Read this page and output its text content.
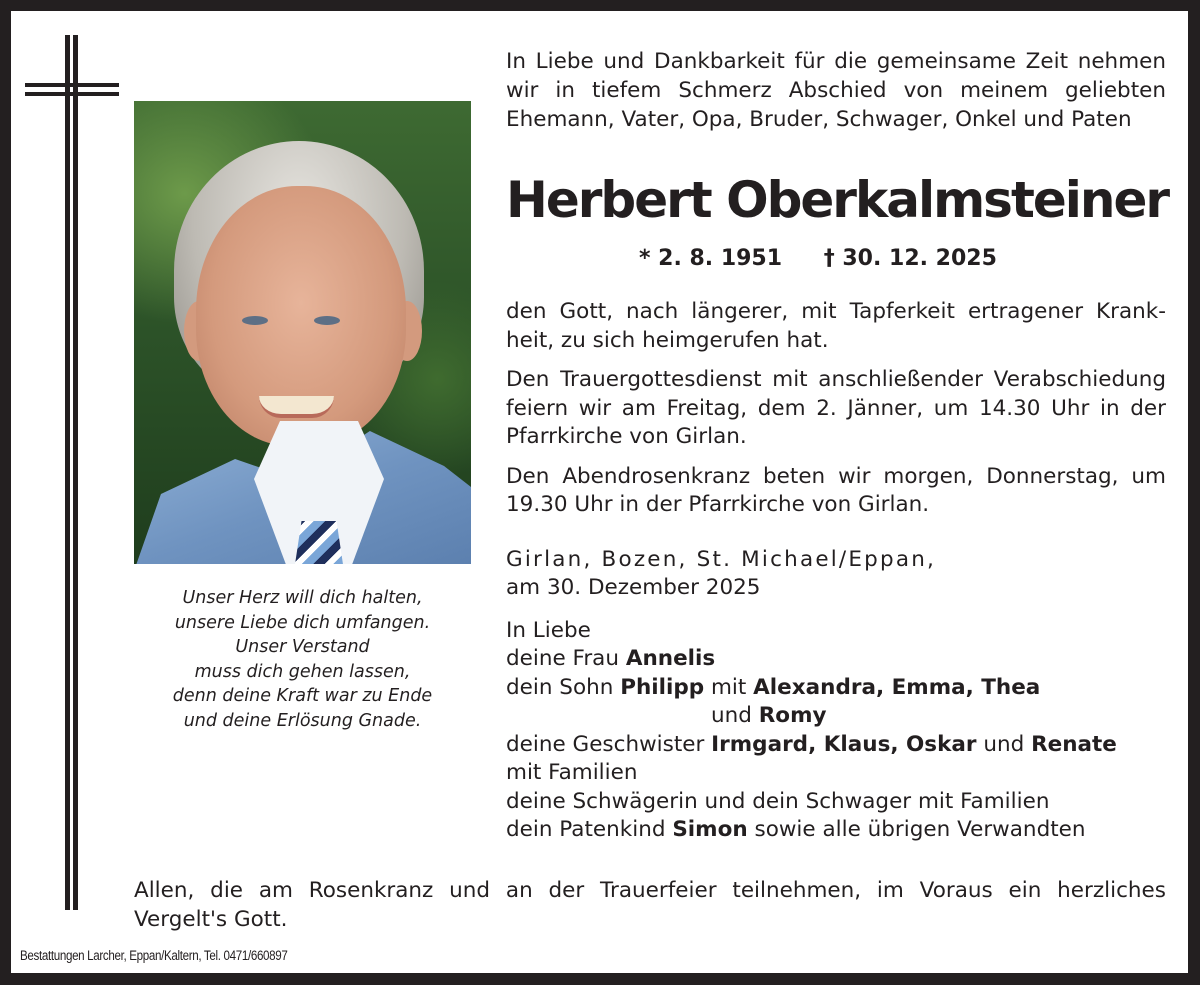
Unser Herz will dich halten,
unsere Liebe dich umfangen.
Unser Verstand
muss dich gehen lassen,
denn deine Kraft war zu Ende
und deine Erlösung Gnade.

In Liebe und Dankbarkeit für die gemeinsame Zeit nehmen
wir in tiefem Schmerz Abschied von meinem geliebten
Ehemann, Vater, Opa, Bruder, Schwager, Onkel und Paten

Herbert Oberkalmsteiner
* 2. 8. 1951 † 30. 12. 2025

den Gott, nach längerer, mit Tapferkeit ertragener Krank-
heit, zu sich heimgerufen hat.

Den Trauergottesdienst mit anschließender Verabschiedung
feiern wir am Freitag, dem 2. Jänner, um 14.30 Uhr in der
Pfarrkirche von Girlan.

Den Abendrosenkranz beten wir morgen, Donnerstag, um
19.30 Uhr in der Pfarrkirche von Girlan.

Girlan, Bozen, St. Michael/Eppan,
am 30. Dezember 2025

In Liebe
deine Frau Annelis
dein Sohn Philipp mit Alexandra, Emma, Thea
und Romy
deine Geschwister Irmgard, Klaus, Oskar und Renate
mit Familien
deine Schwägerin und dein Schwager mit Familien
dein Patenkind Simon sowie alle übrigen Verwandten
Allen, die am Rosenkranz und an der Trauerfeier teilnehmen, im Voraus ein herzliches
Vergelt's Gott.
Bestattungen Larcher, Eppan/Kaltern, Tel. 0471/660897
